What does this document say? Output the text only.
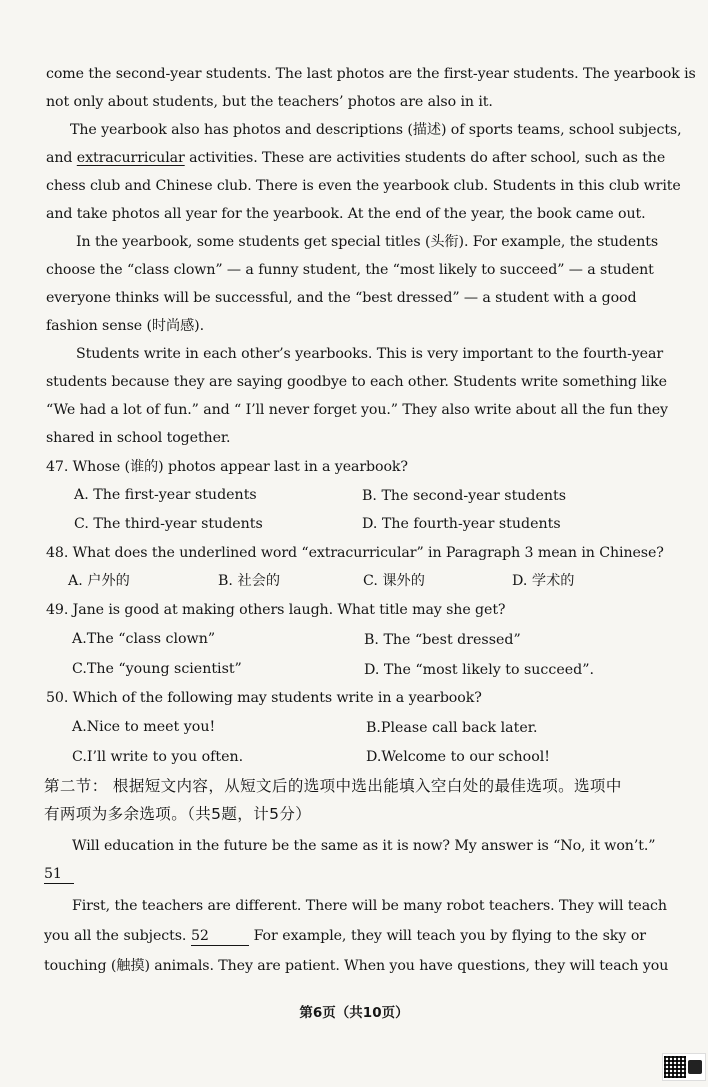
come the second-year students. The last photos are the first-year students. The yearbook is
not only about students, but the teachers’ photos are also in it.
The yearbook also has photos and descriptions (描述) of sports teams, school subjects,
and extracurricular activities. These are activities students do after school, such as the
chess club and Chinese club. There is even the yearbook club. Students in this club write
and take photos all year for the yearbook. At the end of the year, the book came out.
In the yearbook, some students get special titles (头衔). For example, the students
choose the “class clown” — a funny student, the “most likely to succeed” — a student
everyone thinks will be successful, and the “best dressed” — a student with a good
fashion sense (时尚感).
Students write in each other’s yearbooks. This is very important to the fourth-year
students because they are saying goodbye to each other. Students write something like
“We had a lot of fun.” and “ I’ll never forget you.” They also write about all the fun they
shared in school together.
47. Whose (谁的) photos appear last in a yearbook?
A. The first-year students	B. The second-year students
C. The third-year students	D. The fourth-year students
48. What does the underlined word “extracurricular” in Paragraph 3 mean in Chinese?
A. 户外的	B. 社会的	C. 课外的	D. 学术的
49. Jane is good at making others laugh. What title may she get?
A.The “class clown”	B. The “best dressed”
C.The “young scientist”	D. The “most likely to succeed”.
50. Which of the following may students write in a yearbook?
A.Nice to meet you!	B.Please call back later.
C.I’ll write to you often.	D.Welcome to our school!
第二节： 根据短文内容，从短文后的选项中选出能填入空白处的最佳选项。选项中
有两项为多余选项。（共5题，计5分）
Will education in the future be the same as it is now? My answer is “No, it won’t.”
51
First, the teachers are different. There will be many robot teachers. They will teach
you all the subjects. 52	For example, they will teach you by flying to the sky or
touching (触摸) animals. They are patient. When you have questions, they will teach you
第6页（共10页）
